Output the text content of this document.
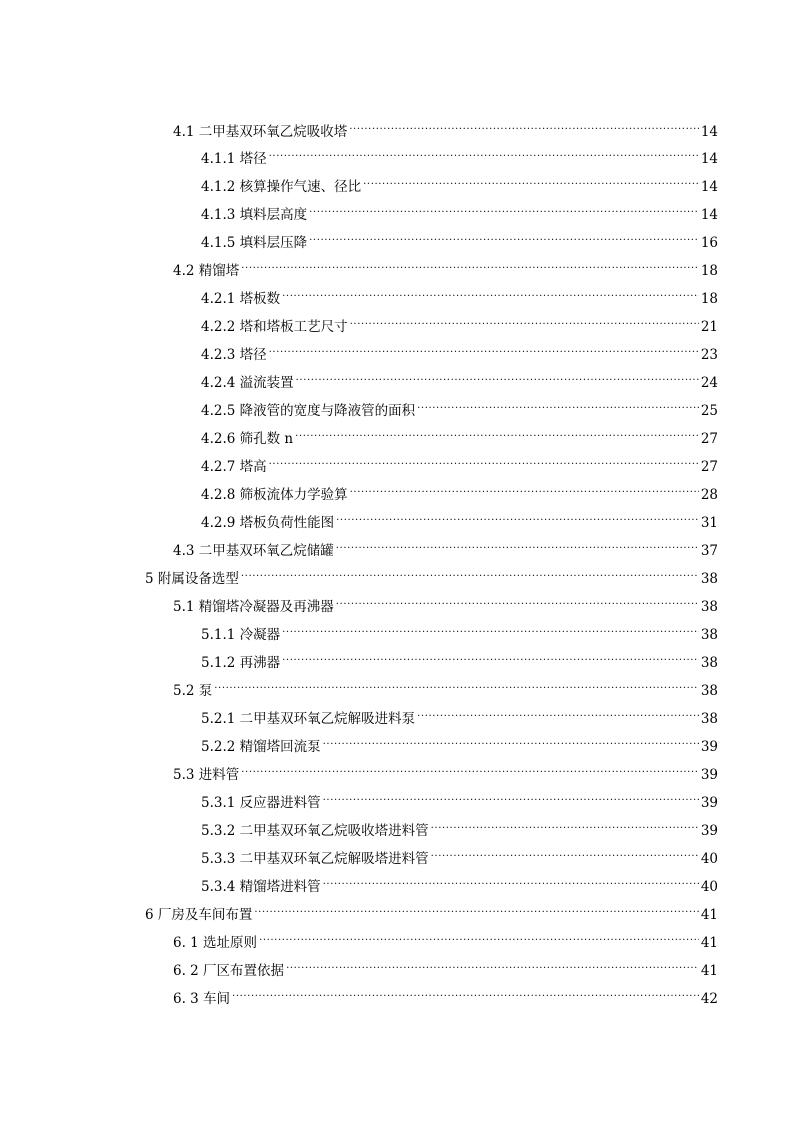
4.1 二甲基双环氧乙烷吸收塔 .....	14
4.1.1 塔径 .....	14
4.1.2 核算操作气速、径比 .....	14
4.1.3 填料层高度 .....	14
4.1.5 填料层压降 .....	16
4.2 精馏塔 .....	18
4.2.1 塔板数 .....	18
4.2.2 塔和塔板工艺尺寸 .....	21
4.2.3 塔径 .....	23
4.2.4 溢流装置 .....	24
4.2.5 降液管的宽度与降液管的面积 .....	25
4.2.6 筛孔数 n .....	27
4.2.7 塔高 .....	27
4.2.8 筛板流体力学验算 .....	28
4.2.9 塔板负荷性能图 .....	31
4.3 二甲基双环氧乙烷储罐 .....	37
5 附属设备选型 .....	38
5.1 精馏塔冷凝器及再沸器 .....	38
5.1.1 冷凝器 .....	38
5.1.2 再沸器 .....	38
5.2 泵 .....	38
5.2.1 二甲基双环氧乙烷解吸进料泵 .....	38
5.2.2 精馏塔回流泵 .....	39
5.3 进料管 .....	39
5.3.1 反应器进料管 .....	39
5.3.2 二甲基双环氧乙烷吸收塔进料管 .....	39
5.3.3 二甲基双环氧乙烷解吸塔进料管 .....	40
5.3.4 精馏塔进料管 .....	40
6 厂房及车间布置 .....	41
6. 1 选址原则 .....	41
6. 2 厂区布置依据 .....	41
6. 3 车间 .....	42
